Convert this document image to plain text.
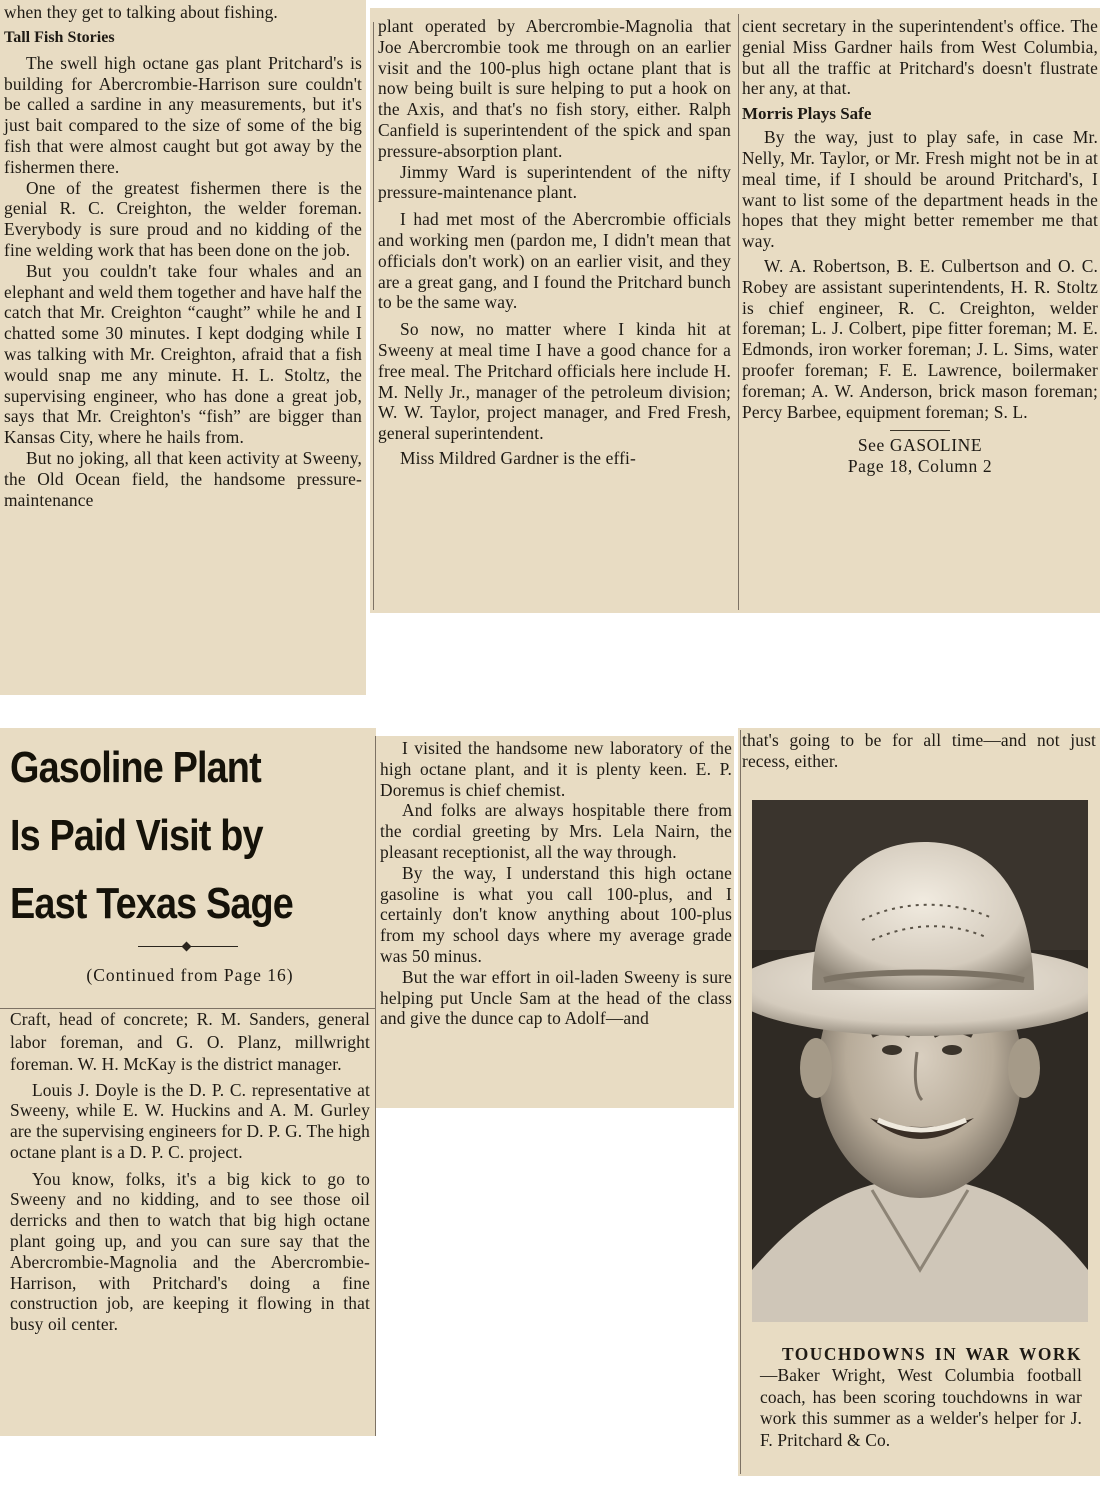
when they get to talking about fishing.

Tall Fish Stories

The swell high octane gas plant Pritchard's is building for Abercrombie-Harrison sure couldn't be called a sardine in any measurements, but it's just bait compared to the size of some of the big fish that were almost caught but got away by the fishermen there.

One of the greatest fishermen there is the genial R. C. Creighton, the welder foreman. Everybody is sure proud and no kidding of the fine welding work that has been done on the job.

But you couldn't take four whales and an elephant and weld them together and have half the catch that Mr. Creighton “caught” while he and I chatted some 30 minutes. I kept dodging while I was talking with Mr. Creighton, afraid that a fish would snap me any minute. H. L. Stoltz, the supervising engineer, who has done a great job, says that Mr. Creighton's “fish” are bigger than Kansas City, where he hails from.

But no joking, all that keen activity at Sweeny, the Old Ocean field, the handsome pressure-maintenance

plant operated by Abercrombie-Magnolia that Joe Abercrombie took me through on an earlier visit and the 100-plus high octane plant that is now being built is sure helping to put a hook on the Axis, and that's no fish story, either. Ralph Canfield is superintendent of the spick and span pressure-absorption plant.

Jimmy Ward is superintendent of the nifty pressure-maintenance plant.

I had met most of the Abercrombie officials and working men (pardon me, I didn't mean that officials don't work) on an earlier visit, and they are a great gang, and I found the Pritchard bunch to be the same way.

So now, no matter where I kinda hit at Sweeny at meal time I have a good chance for a free meal. The Pritchard officials here include H. M. Nelly Jr., manager of the petroleum division; W. W. Taylor, project manager, and Fred Fresh, general superintendent.

Miss Mildred Gardner is the effi-

cient secretary in the superintendent's office. The genial Miss Gardner hails from West Columbia, but all the traffic at Pritchard's doesn't flustrate her any, at that.

Morris Plays Safe

By the way, just to play safe, in case Mr. Nelly, Mr. Taylor, or Mr. Fresh might not be in at meal time, if I should be around Pritchard's, I want to list some of the department heads in the hopes that they might better remember me that way.

W. A. Robertson, B. E. Culbertson and O. C. Robey are assistant superintendents, H. R. Stoltz is chief engineer, R. C. Creighton, welder foreman; L. J. Colbert, pipe fitter foreman; M. E. Edmonds, iron worker foreman; J. L. Sims, water proofer foreman; F. E. Lawrence, boilermaker foreman; A. W. Anderson, brick mason foreman; Percy Barbee, equipment foreman; S. L.

See GASOLINE
Page 18, Column 2
Gasoline Plant
Is Paid Visit by
East Texas Sage
(Continued from Page 16)

Craft, head of concrete; R. M. Sanders, general labor foreman, and G. O. Planz, millwright foreman. W. H. McKay is the district manager.

Louis J. Doyle is the D. P. C. representative at Sweeny, while E. W. Huckins and A. M. Gurley are the supervising engineers for D. P. G. The high octane plant is a D. P. C. project.

You know, folks, it's a big kick to go to Sweeny and no kidding, and to see those oil derricks and then to watch that big high octane plant going up, and you can sure say that the Abercrombie-Magnolia and the Abercrombie-Harrison, with Pritchard's doing a fine construction job, are keeping it flowing in that busy oil center.

I visited the handsome new laboratory of the high octane plant, and it is plenty keen. E. P. Doremus is chief chemist.

And folks are always hospitable there from the cordial greeting by Mrs. Lela Nairn, the pleasant receptionist, all the way through.

By the way, I understand this high octane gasoline is what you call 100-plus, and I certainly don't know anything about 100-plus from my school days where my average grade was 50 minus.

But the war effort in oil-laden Sweeny is sure helping put Uncle Sam at the head of the class and give the dunce cap to Adolf—and

that's going to be for all time—and not just recess, either.

TOUCHDOWNS IN WAR WORK—Baker Wright, West Columbia football coach, has been scoring touchdowns in war work this summer as a welder's helper for J. F. Pritchard & Co.
